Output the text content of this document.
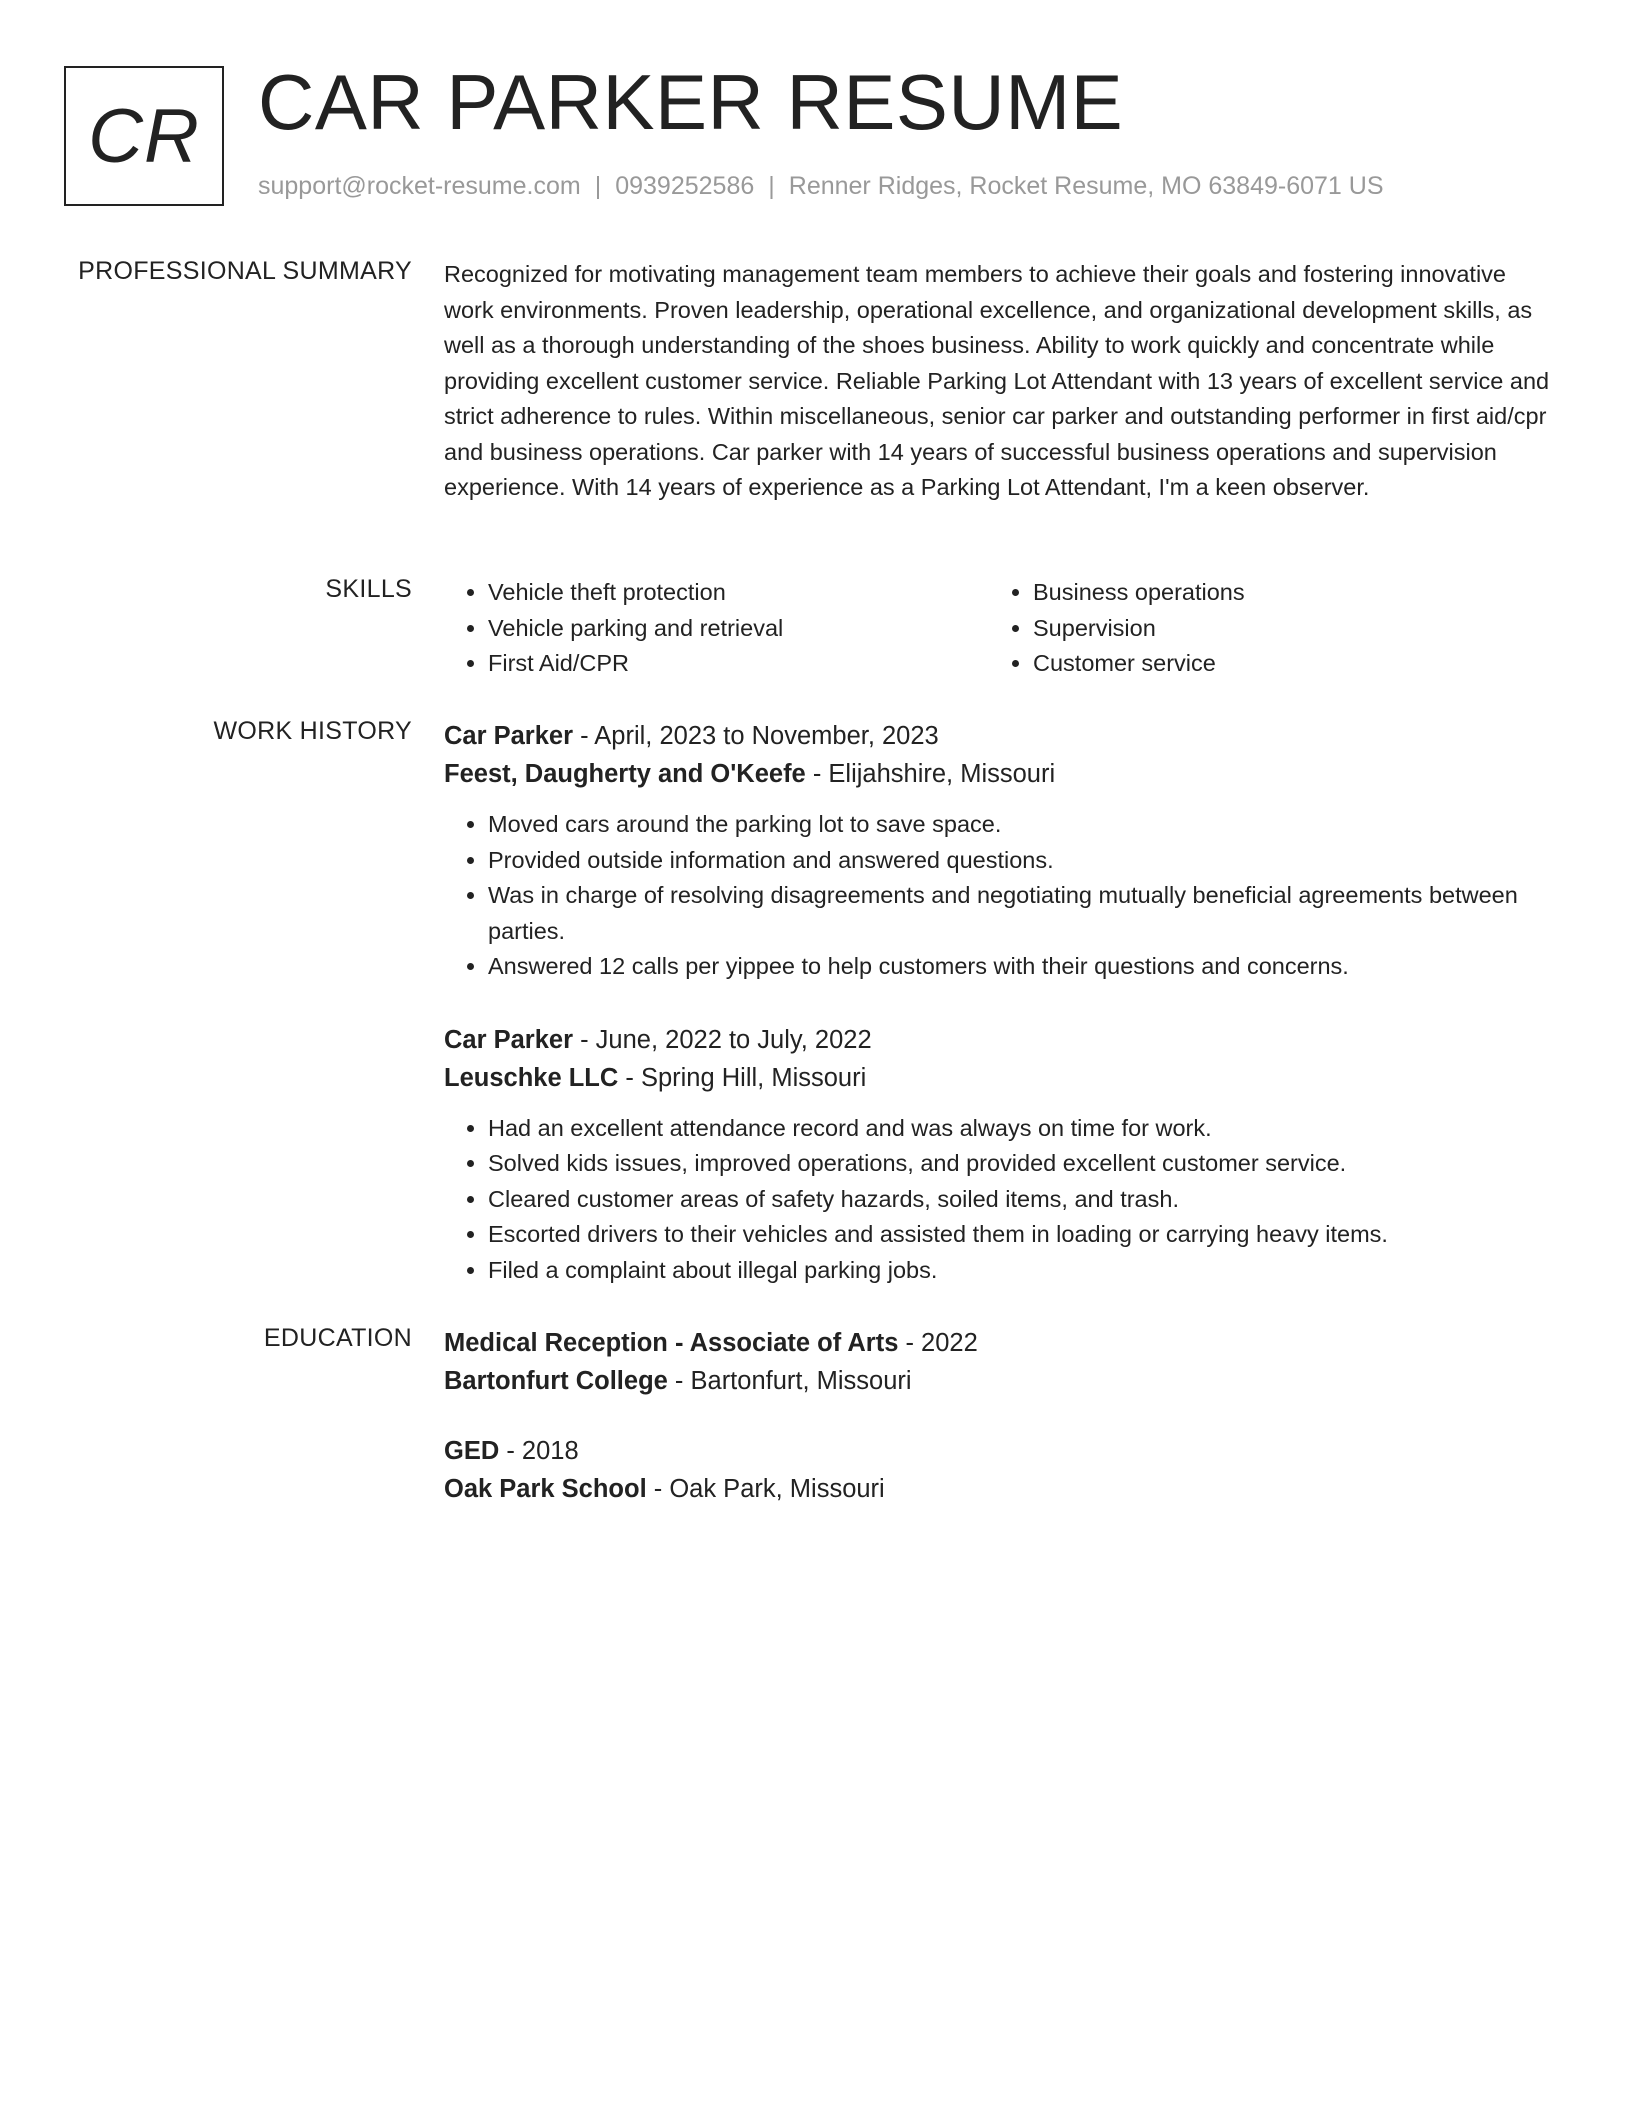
CR CAR PARKER RESUME
support@rocket-resume.com | 0939252586 | Renner Ridges, Rocket Resume, MO 63849-6071 US
PROFESSIONAL SUMMARY Recognized for motivating management team members to achieve their goals and fostering innovative work environments. Proven leadership, operational excellence, and organizational development skills, as well as a thorough understanding of the shoes business. Ability to work quickly and concentrate while providing excellent customer service. Reliable Parking Lot Attendant with 13 years of excellent service and strict adherence to rules. Within miscellaneous, senior car parker and outstanding performer in first aid/cpr and business operations. Car parker with 14 years of successful business operations and supervision experience. With 14 years of experience as a Parking Lot Attendant, I'm a keen observer.
SKILLS
•	Vehicle theft protection
• Vehicle parking and retrieval
• First Aid/CPR
• Business operations
• Supervision
• Customer service
WORK HISTORY Car Parker - April, 2023 to November, 2023
Feest, Daugherty and O'Keefe - Elijahshire, Missouri
• Moved cars around the parking lot to save space.
• Provided outside information and answered questions.
• Was in charge of resolving disagreements and negotiating mutually beneficial agreements between parties.
• Answered 12 calls per yippee to help customers with their questions and concerns.
Car Parker - June, 2022 to July, 2022
Leuschke LLC - Spring Hill, Missouri
• Had an excellent attendance record and was always on time for work.
• Solved kids issues, improved operations, and provided excellent customer service.
• Cleared customer areas of safety hazards, soiled items, and trash.
• Escorted drivers to their vehicles and assisted them in loading or carrying heavy items.
• Filed a complaint about illegal parking jobs.
EDUCATION Medical Reception - Associate of Arts - 2022
Bartonfurt College - Bartonfurt, Missouri
GED - 2018
Oak Park School - Oak Park, Missouri
